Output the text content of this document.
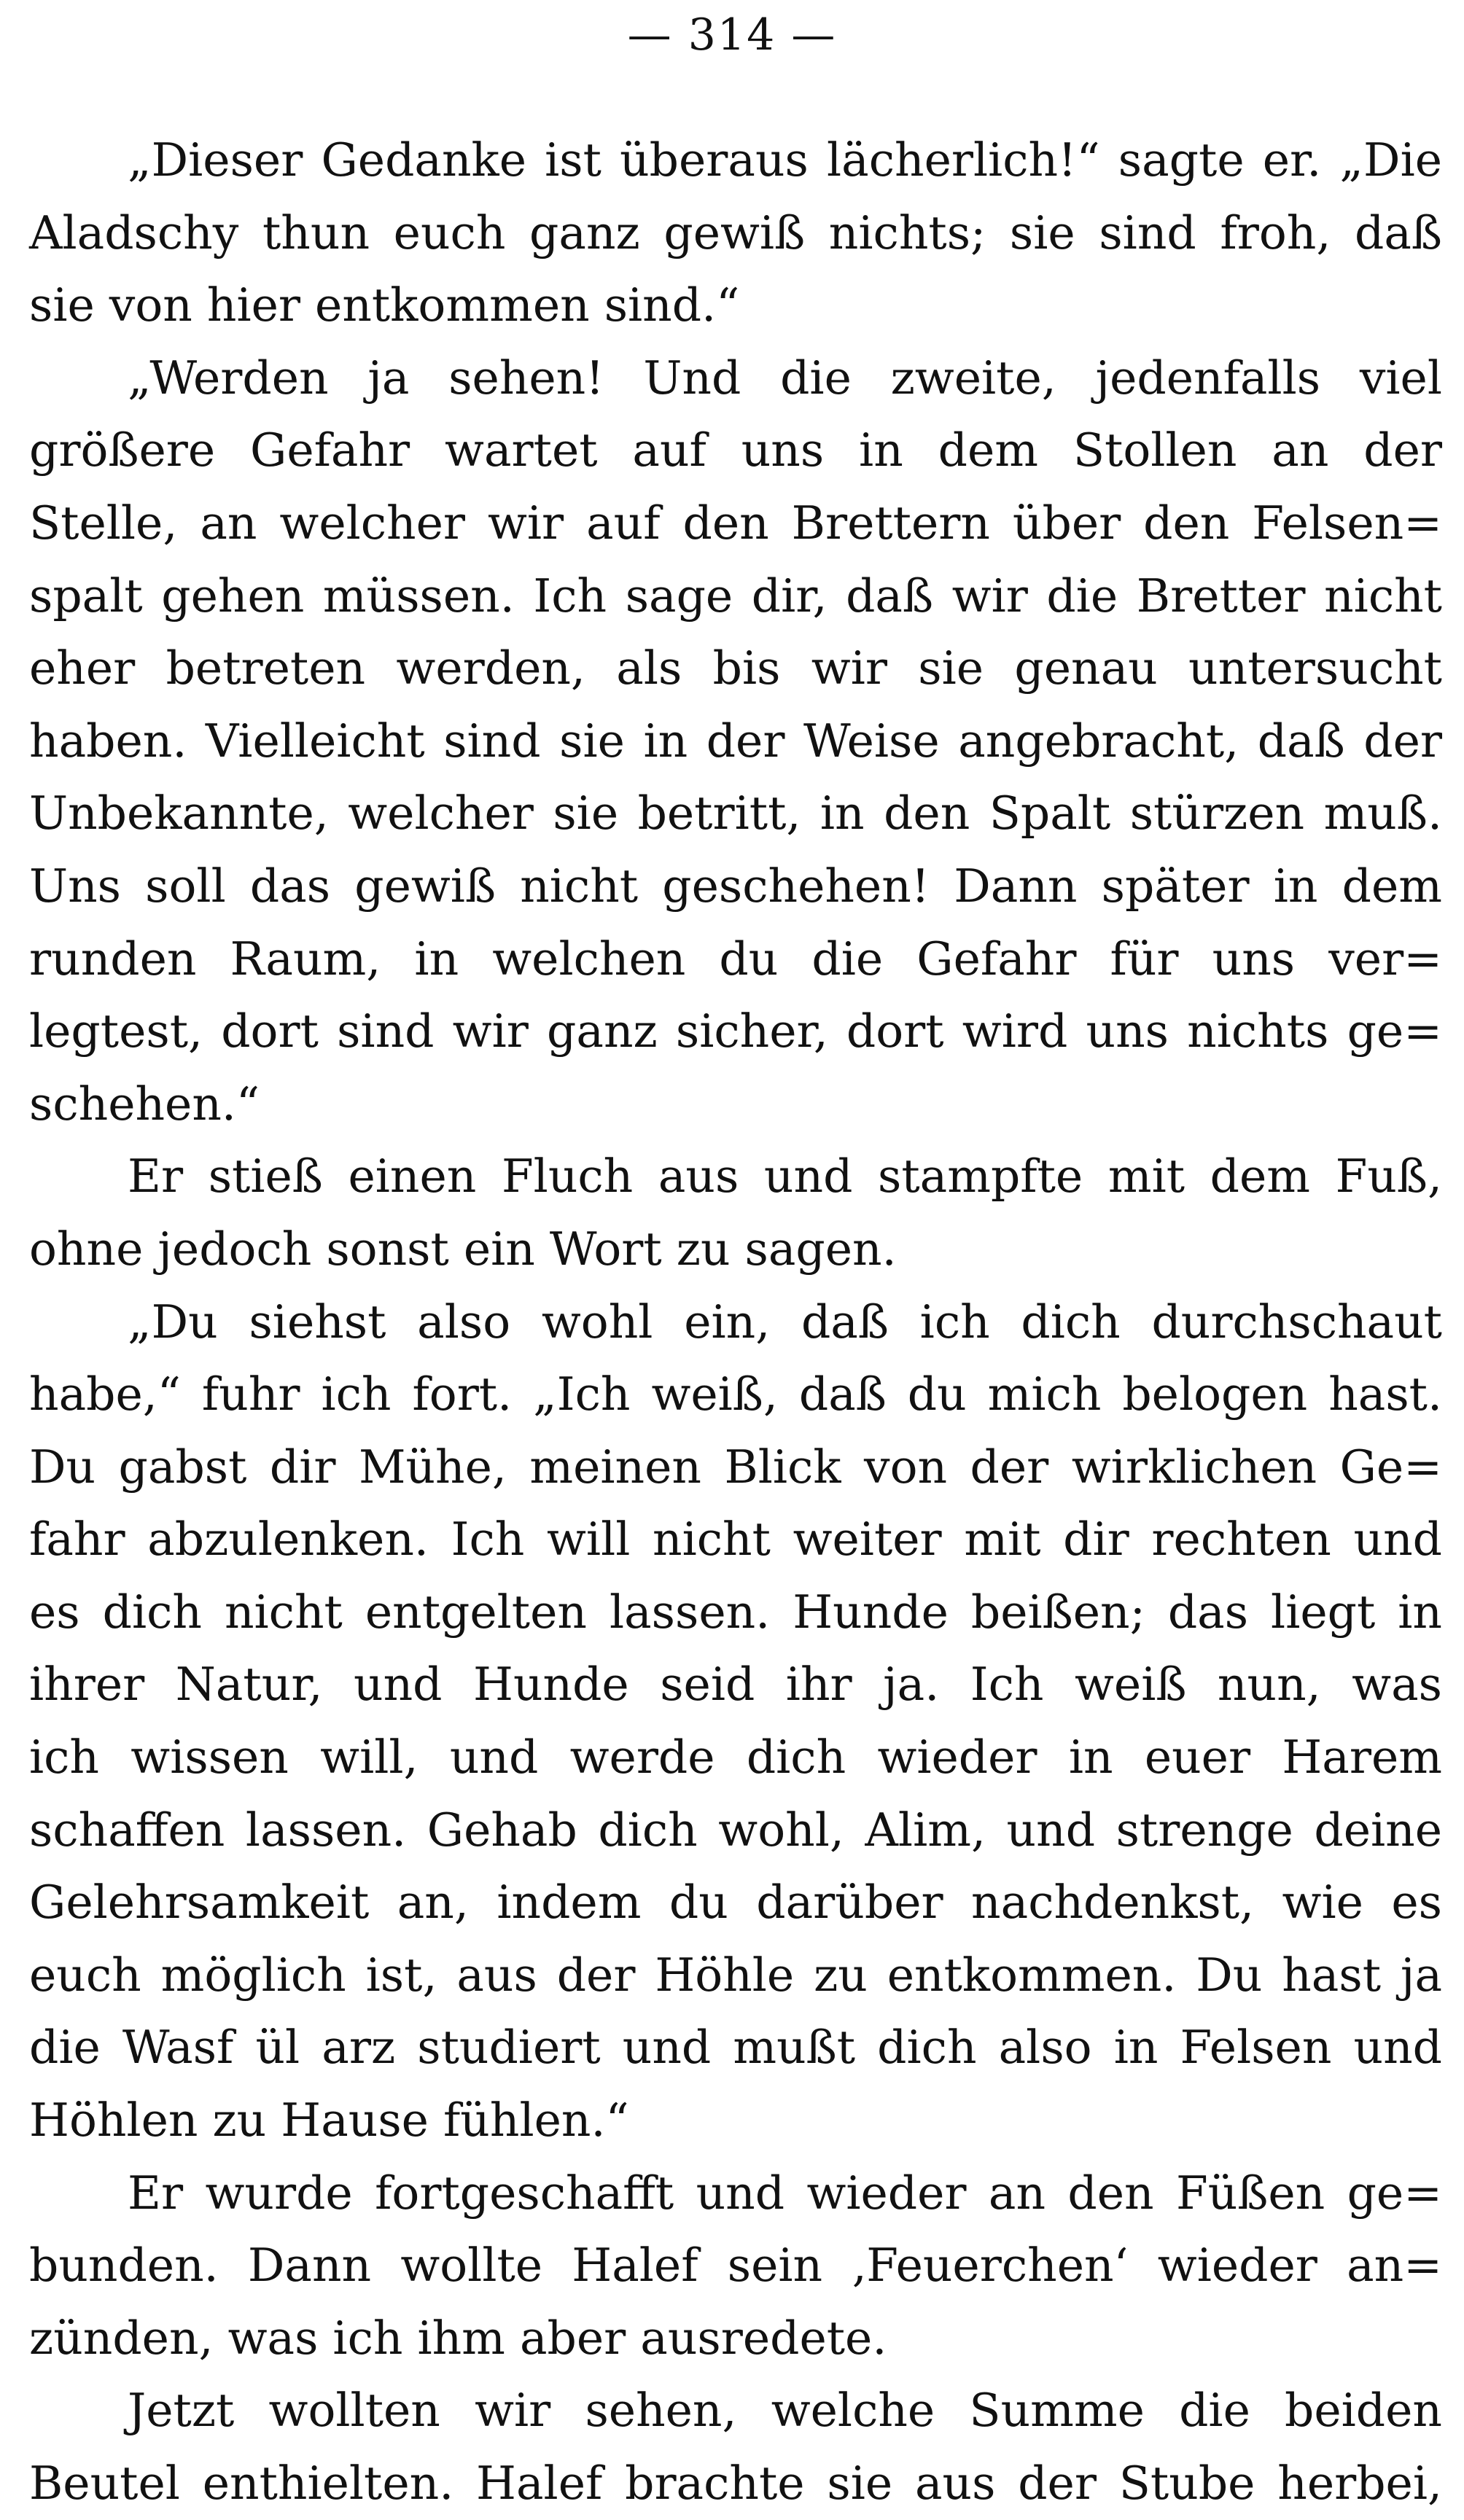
— 314 —
„Dieser Gedanke ist überaus lächerlich!“ sagte er. „Die
Aladschy thun euch ganz gewiß nichts; sie sind froh, daß
sie von hier entkommen sind.“
„Werden ja sehen! Und die zweite, jedenfalls viel
größere Gefahr wartet auf uns in dem Stollen an der
Stelle, an welcher wir auf den Brettern über den Felsen=
spalt gehen müssen. Ich sage dir, daß wir die Bretter nicht
eher betreten werden, als bis wir sie genau untersucht
haben. Vielleicht sind sie in der Weise angebracht, daß der
Unbekannte, welcher sie betritt, in den Spalt stürzen muß.
Uns soll das gewiß nicht geschehen! Dann später in dem
runden Raum, in welchen du die Gefahr für uns ver=
legtest, dort sind wir ganz sicher, dort wird uns nichts ge=
schehen.“
Er stieß einen Fluch aus und stampfte mit dem Fuß,
ohne jedoch sonst ein Wort zu sagen.
„Du siehst also wohl ein, daß ich dich durchschaut
habe,“ fuhr ich fort. „Ich weiß, daß du mich belogen hast.
Du gabst dir Mühe, meinen Blick von der wirklichen Ge=
fahr abzulenken. Ich will nicht weiter mit dir rechten und
es dich nicht entgelten lassen. Hunde beißen; das liegt in
ihrer Natur, und Hunde seid ihr ja. Ich weiß nun, was
ich wissen will, und werde dich wieder in euer Harem
schaffen lassen. Gehab dich wohl, Alim, und strenge deine
Gelehrsamkeit an, indem du darüber nachdenkst, wie es
euch möglich ist, aus der Höhle zu entkommen. Du hast ja
die Wasf ül arz studiert und mußt dich also in Felsen und
Höhlen zu Hause fühlen.“
Er wurde fortgeschafft und wieder an den Füßen ge=
bunden. Dann wollte Halef sein ‚Feuerchen‘ wieder an=
zünden, was ich ihm aber ausredete.
Jetzt wollten wir sehen, welche Summe die beiden
Beutel enthielten. Halef brachte sie aus der Stube herbei,
